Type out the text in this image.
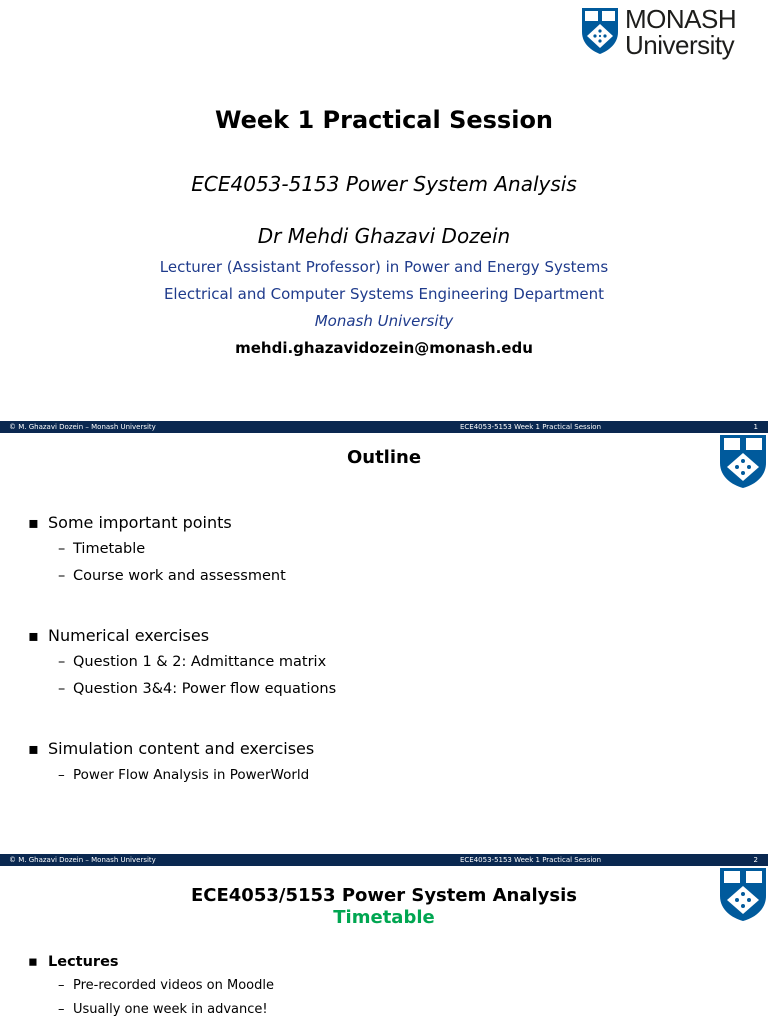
MONASH
University
Week 1 Practical Session
ECE4053-5153 Power System Analysis
Dr Mehdi Ghazavi Dozein
Lecturer (Assistant Professor) in Power and Energy Systems
Electrical and Computer Systems Engineering Department
Monash University
mehdi.ghazavidozein@monash.edu
© M. Ghazavi Dozein – Monash University	ECE4053-5153 Week 1 Practical Session	1
Outline
▪ Some important points
– Timetable
– Course work and assessment
▪ Numerical exercises
– Question 1 & 2: Admittance matrix
– Question 3&4: Power flow equations
▪ Simulation content and exercises
– Power Flow Analysis in PowerWorld
© M. Ghazavi Dozein – Monash University	ECE4053-5153 Week 1 Practical Session	2
ECE4053/5153 Power System Analysis
Timetable
▪ Lectures
– Pre-recorded videos on Moodle
– Usually one week in advance!
